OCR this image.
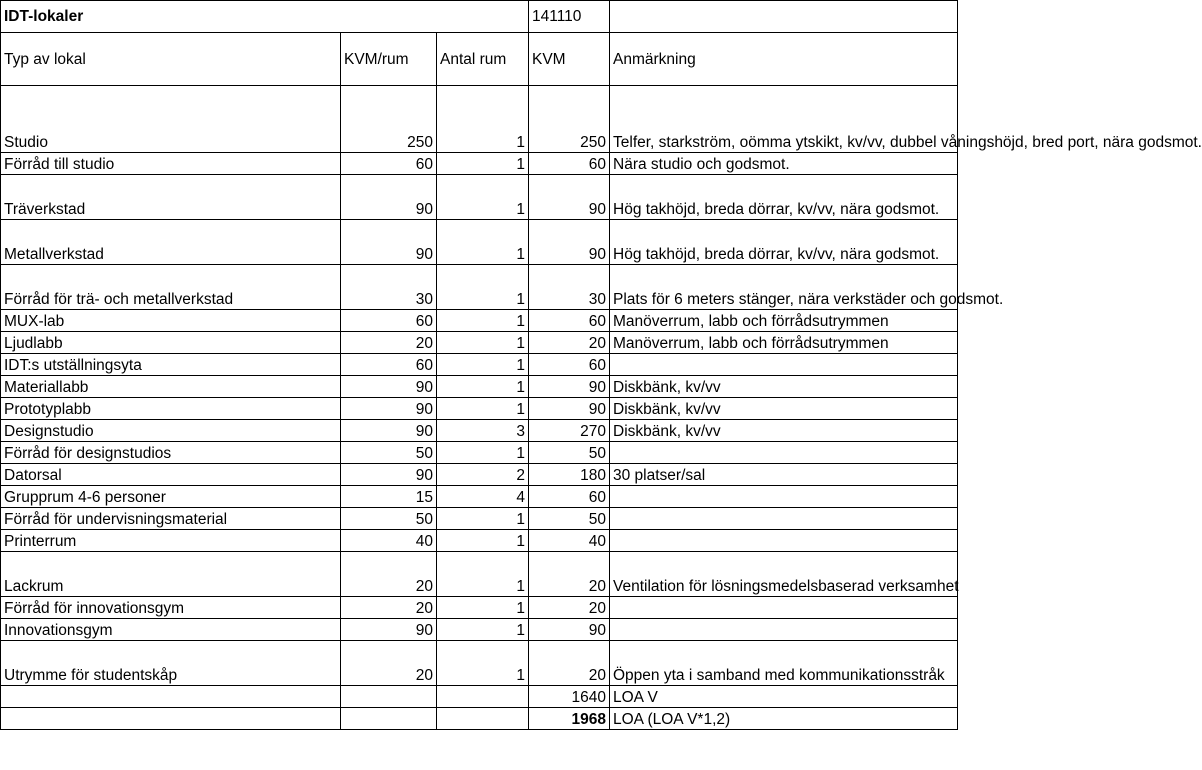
IDT-lokaler			141110	
Typ av lokal	KVM/rum	Antal rum	KVM	Anmärkning
Studio	250	1	250	Telfer, starkström, oömma ytskikt, kv/vv, dubbel våningshöjd, bred port, nära godsmot.
Förråd till studio	60	1	60	Nära studio och godsmot.
Träverkstad	90	1	90	Hög takhöjd, breda dörrar, kv/vv, nära godsmot.
Metallverkstad	90	1	90	Hög takhöjd, breda dörrar, kv/vv, nära godsmot.
Förråd för trä- och metallverkstad	30	1	30	Plats för 6 meters stänger, nära verkstäder och godsmot.
MUX-lab	60	1	60	Manöverrum, labb och förrådsutrymmen
Ljudlabb	20	1	20	Manöverrum, labb och förrådsutrymmen
IDT:s utställningsyta	60	1	60	
Materiallabb	90	1	90	Diskbänk, kv/vv
Prototyplabb	90	1	90	Diskbänk, kv/vv
Designstudio	90	3	270	Diskbänk, kv/vv
Förråd för designstudios	50	1	50	
Datorsal	90	2	180	30 platser/sal
Grupprum 4-6 personer	15	4	60	
Förråd för undervisningsmaterial	50	1	50	
Printerrum	40	1	40	
Lackrum	20	1	20	Ventilation för lösningsmedelsbaserad verksamhet
Förråd för innovationsgym	20	1	20	
Innovationsgym	90	1	90	
Utrymme för studentskåp	20	1	20	Öppen yta i samband med kommunikationsstråk
			1640	LOA V
			1968	LOA (LOA V*1,2)
